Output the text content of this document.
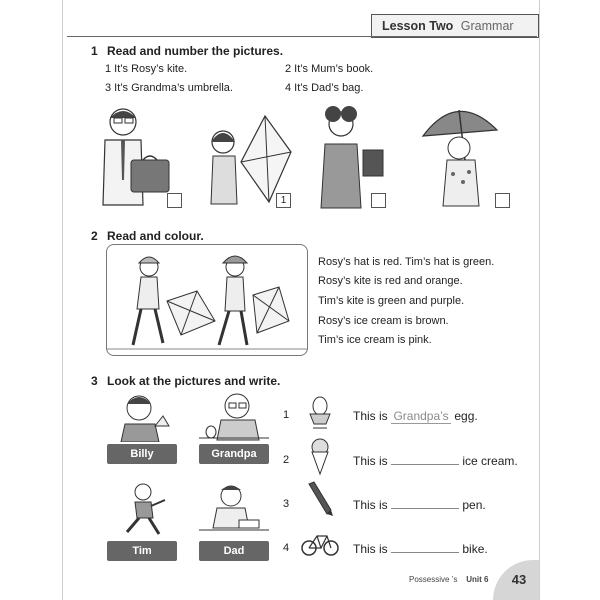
Lesson Two Grammar
1 Read and number the pictures.
1 It’s Rosy’s kite.	2 It’s Mum’s book.
3 It’s Grandma’s umbrella.	4 It’s Dad’s bag.
1
2 Read and colour.
Rosy’s hat is red. Tim’s hat is green.
Rosy’s kite is red and orange.
Tim’s kite is green and purple.
Rosy’s ice cream is brown.
Tim’s ice cream is pink.
3 Look at the pictures and write.
Billy	Grandpa
Tim	Dad
1	This is Grandpa’s egg.
2	This is	ice cream.
3	This is	pen.
4	This is	bike.
Possessive ’s Unit 6	43
